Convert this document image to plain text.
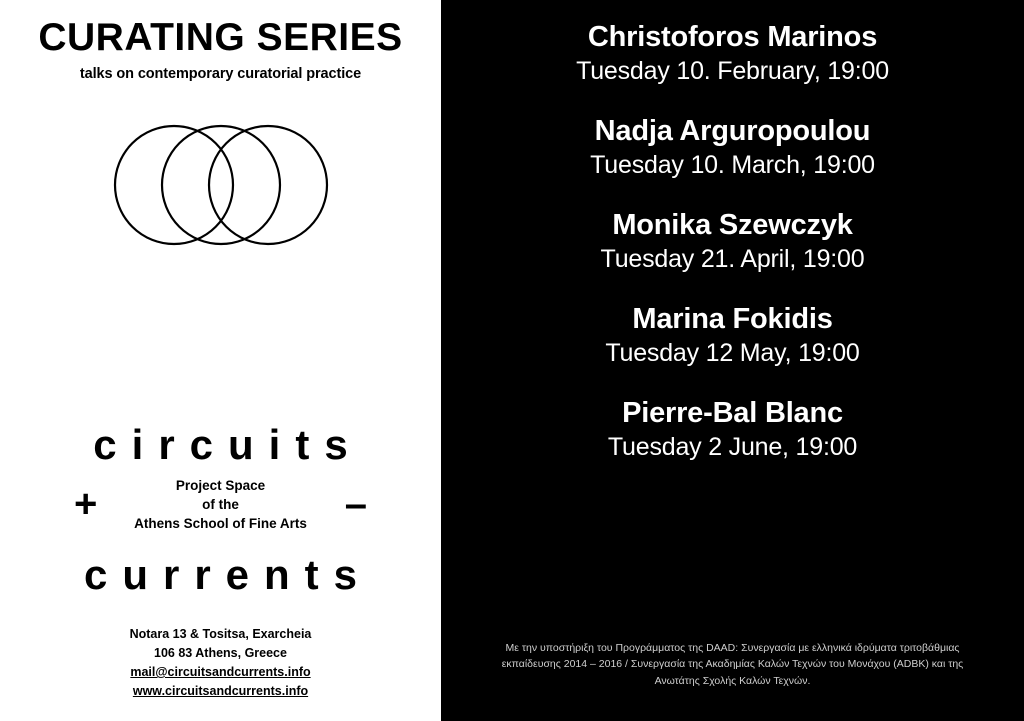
CURATING SERIES
talks on contemporary curatorial practice
circuits
+	–
Project Space
of the
Athens School of Fine Arts
currents
Notara 13 & Tositsa, Exarcheia
106 83 Athens, Greece
mail@circuitsandcurrents.info
www.circuitsandcurrents.info
Christoforos Marinos
Tuesday 10. February, 19:00
Nadja Arguropoulou
Tuesday 10. March, 19:00
Monika Szewczyk
Tuesday 21. April, 19:00
Marina Fokidis
Tuesday 12 May, 19:00
Pierre-Bal Blanc
Tuesday 2 June, 19:00
Με την υποστήριξη του Προγράμματος της DAAD: Συνεργασία με ελληνικά ιδρύματα τριτοβάθμιας
εκπαίδευσης 2014 – 2016 / Συνεργασία της Ακαδημίας Καλών Τεχνών του Μονάχου (ADBK) και της
Ανωτάτης Σχολής Καλών Τεχνών.
